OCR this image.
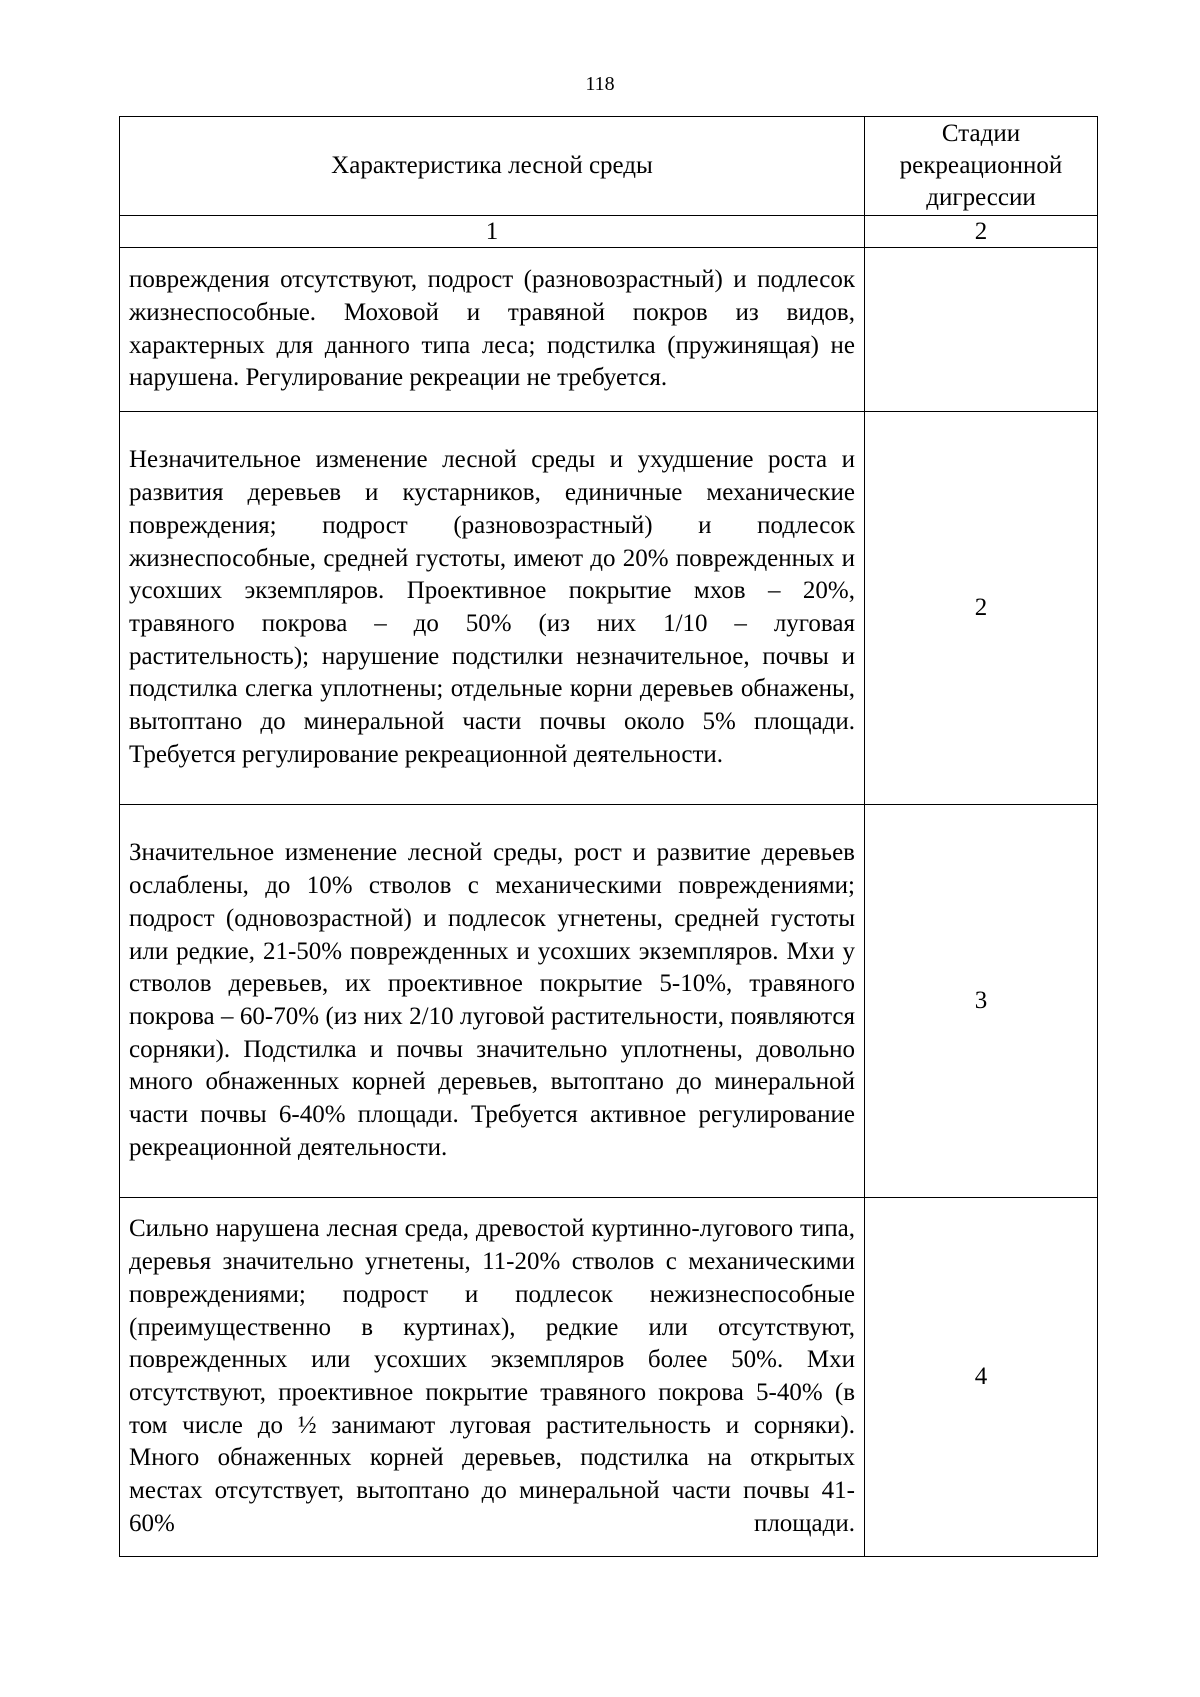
118
Характеристика лесной среды	Стадии рекреационной дигрессии
1	2
повреждения отсутствуют, подрост (разновозрастный) и подлесок жизнеспособные. Моховой и травяной покров из видов, характерных для данного типа леса; подстилка (пружинящая) не нарушена. Регулирование рекреации не требуется.	
Незначительное изменение лесной среды и ухудшение роста и развития деревьев и кустарников, единичные механические повреждения; подрост (разновозрастный) и подлесок жизнеспособные, средней густоты, имеют до 20% поврежденных и усохших экземпляров. Проективное покрытие мхов – 20%, травяного покрова – до 50% (из них 1/10 – луговая растительность); нарушение подстилки незначительное, почвы и подстилка слегка уплотнены; отдельные корни деревьев обнажены, вытоптано до минеральной части почвы около 5% площади. Требуется регулирование рекреационной деятельности.	2
Значительное изменение лесной среды, рост и развитие деревьев ослаблены, до 10% стволов с механическими повреждениями; подрост (одновозрастной) и подлесок угнетены, средней густоты или редкие, 21-50% поврежденных и усохших экземпляров. Мхи у стволов деревьев, их проективное покрытие 5-10%, травяного покрова – 60-70% (из них 2/10 луговой растительности, появляются сорняки). Подстилка и почвы значительно уплотнены, довольно много обнаженных корней деревьев, вытоптано до минеральной части почвы 6-40% площади. Требуется активное регулирование рекреационной деятельности.	3
Сильно нарушена лесная среда, древостой куртинно-лугового типа, деревья значительно угнетены, 11-20% стволов с механическими повреждениями; подрост и подлесок нежизнеспособные (преимущественно в куртинах), редкие или отсутствуют, поврежденных или усохших экземпляров более 50%. Мхи отсутствуют, проективное покрытие травяного покрова 5-40% (в том числе до ½ занимают луговая растительность и сорняки). Много обнаженных корней деревьев, подстилка на открытых местах отсутствует, вытоптано до минеральной части почвы 41-60% площади.	4
